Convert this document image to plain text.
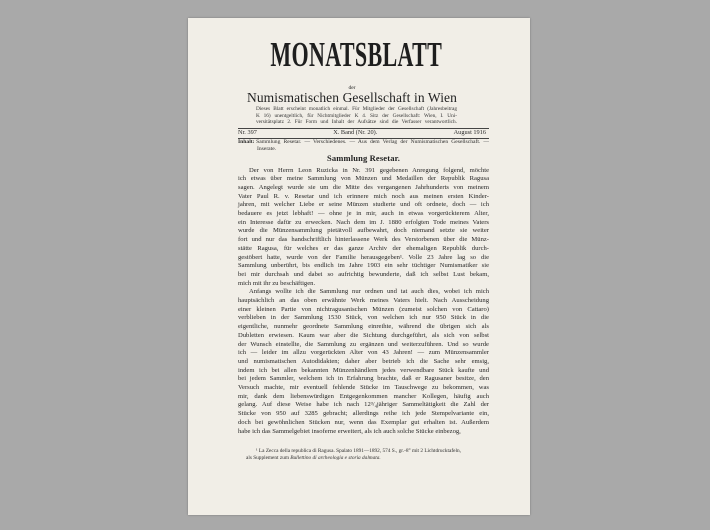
MONATSBLATT
der
Numismatischen Gesellschaft in Wien
Dieses Blatt erscheint monatlich einmal. Für Mitglieder der Gesellschaft (Jahresbeitrag
K 16) unentgeltlich, für Nichtmitglieder K 4. Sitz der Gesellschaft: Wien, I. Uni-
versitätsplatz 2. Für Form und Inhalt der Aufsätze sind die Verfasser verantwortlich.
Nr. 397	X. Band (Nr. 20).	August 1916
Inhalt: Sammlung Resetar. — Verschiedenes. — Aus dem Verlag der Numismatischen Gesellschaft. —
Inserate.
Sammlung Resetar.
Der von Herrn Leon Ruzicka in Nr. 391 gegebenen Anregung folgend, möchte
ich etwas über meine Sammlung von Münzen und Medaillen der Republik Ragusa
sagen. Angelegt wurde sie um die Mitte des vergangenen Jahrhunderts von meinem
Vater Paul R. v. Resetar und ich erinnere mich noch aus meinen ersten Kinder-
jahren, mit welcher Liebe er seine Münzen studierte und oft ordnete, doch — ich
bedauere es jetzt lebhaft! — ohne je in mir, auch in etwas vorgerückterem Alter,
ein Interesse dafür zu erwecken. Nach dem im J. 1880 erfolgten Tode meines Vaters
wurde die Münzensammlung pietätvoll aufbewahrt, doch niemand setzte sie weiter
fort und nur das handschriftlich hinterlassene Werk des Verstorbenen über die Münz-
stätte Ragusa, für welches er das ganze Archiv der ehemaligen Republik durch-
gestöbert hatte, wurde von der Familie herausgegeben¹. Volle 23 Jahre lag so die
Sammlung unberührt, bis endlich im Jahre 1903 ein sehr tüchtiger Numismatiker sie
bei mir durchsah und dabei so aufrichtig bewunderte, daß ich selbst Lust bekam,
mich mit ihr zu beschäftigen.
Anfangs wollte ich die Sammlung nur ordnen und tat auch dies, wobei ich mich
hauptsächlich an das oben erwähnte Werk meines Vaters hielt. Nach Ausscheidung
einer kleinen Partie von nichtragusanischen Münzen (zumeist solchen von Cattaro)
verblieben in der Sammlung 1530 Stück, von welchen ich nur 950 Stück in die
eigentliche, nunmehr geordnete Sammlung einreihte, während die übrigen sich als
Dubletten erwiesen. Kaum war aber die Sichtung durchgeführt, als sich von selbst
der Wunsch einstellte, die Sammlung zu ergänzen und weiterzuführen. Und so wurde
ich — leider im allzu vorgerückten Alter von 43 Jahren! — zum Münzensammler
und numismatischen Autodidakten; daher aber betrieb ich die Sache sehr emsig,
indem ich bei allen bekannten Münzenhändlern jedes verwendbare Stück kaufte und
bei jedem Sammler, welchem ich in Erfahrung brachte, daß er Ragusaner besitze, den
Versuch machte, mir eventuell fehlende Stücke im Tauschwege zu bekommen, was
mir, dank dem liebenswürdigen Entgegenkommen mancher Kollegen, häufig auch
gelang. Auf diese Weise habe ich nach 12³/₄jähriger Sammeltätigkeit die Zahl der
Stücke von 950 auf 3285 gebracht; allerdings reihe ich jede Stempelvariante ein,
doch bei gewöhnlichen Stücken nur, wenn das Exemplar gut erhalten ist. Außerdem
habe ich das Sammelgebiet insoferne erweitert, als ich auch solche Stücke einbezog,
¹ La Zecca della republica di Ragusa. Spalato 1891—1892, 574 S., gr.-8° mit 2 Lichtdrucktafeln,
als Supplement zumBullettino di archeologia e storia dalmata.
